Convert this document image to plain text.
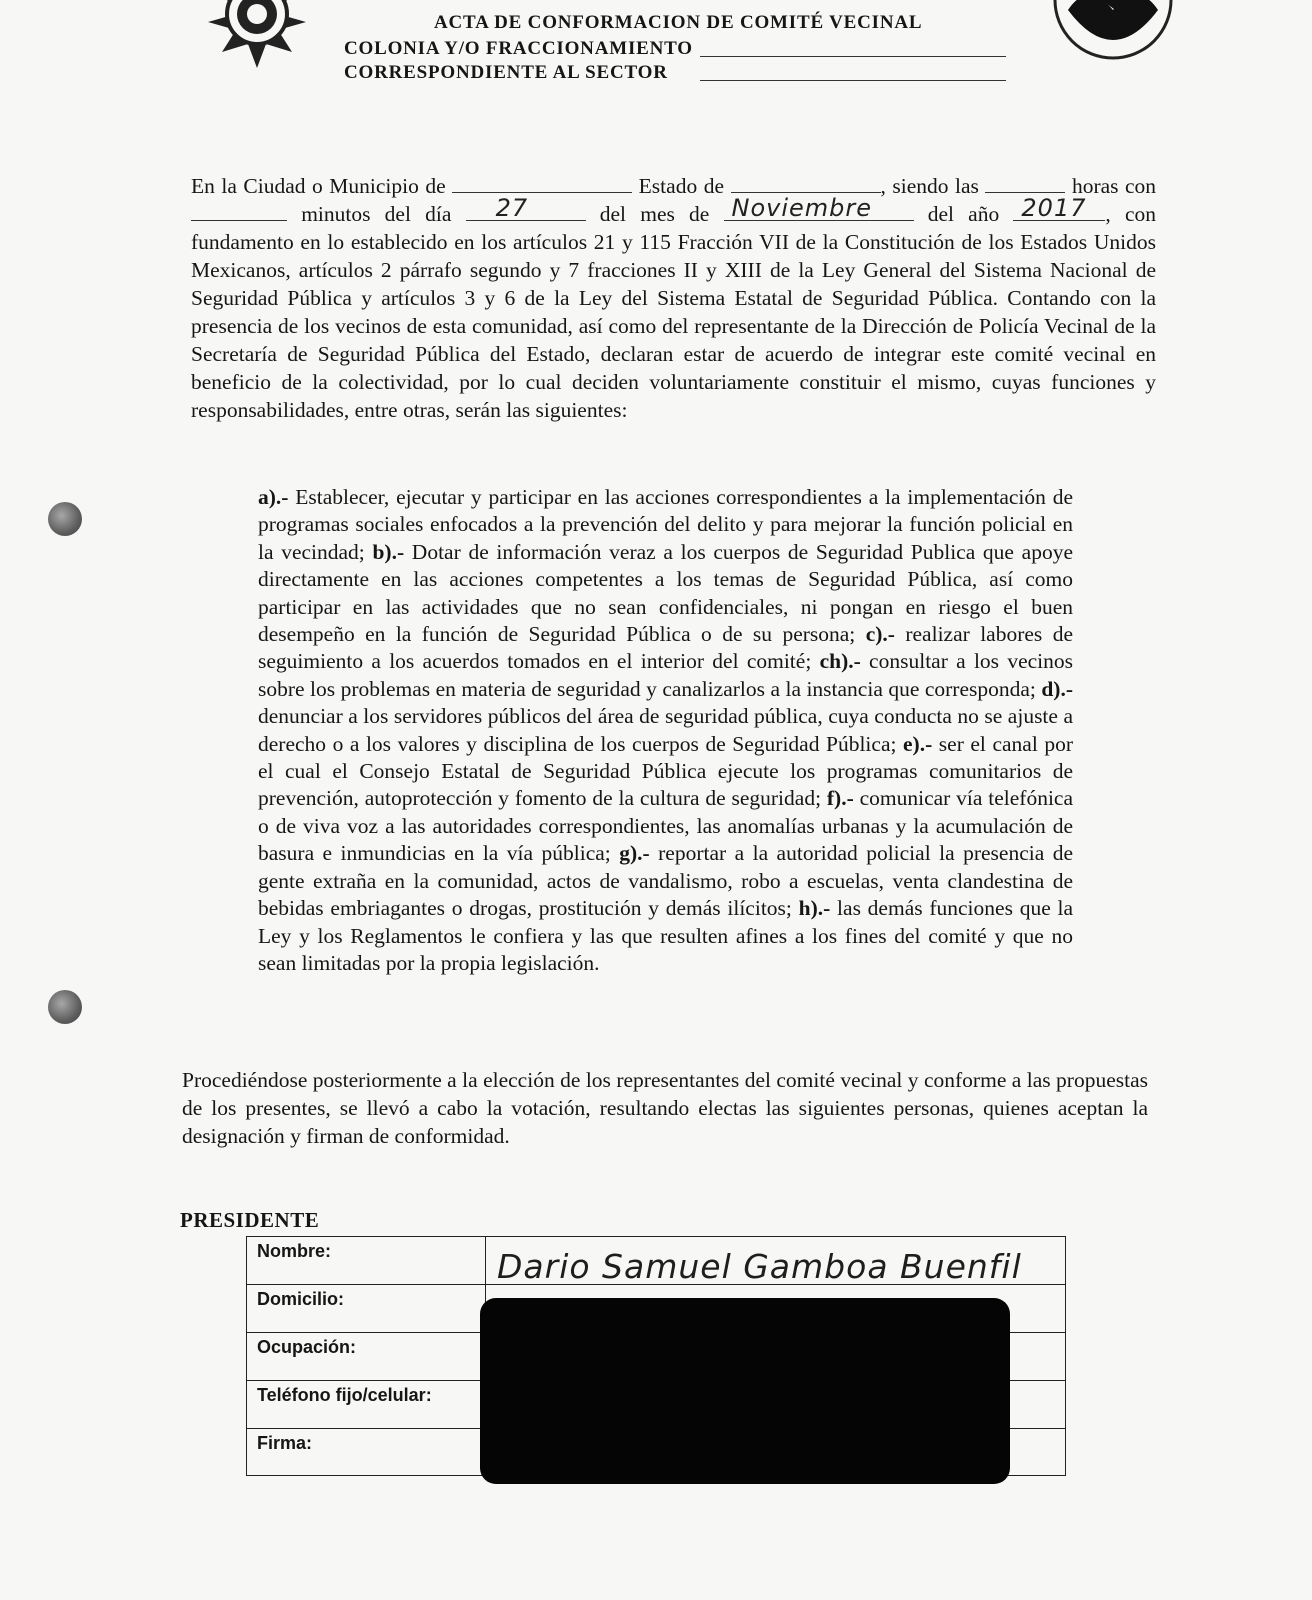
ACTA DE CONFORMACION DE COMITÉ VECINAL
COLONIA Y/O FRACCIONAMIENTO
CORRESPONDIENTE AL SECTOR

En la Ciudad o Municipio de	Estado de	, siendo las	horas con  minutos del día 27	del mes de Noviembre	del año 2017 , con fundamento en lo establecido en los artículos 21 y 115 Fracción VII de la Constitución de los Estados Unidos Mexicanos, artículos 2 párrafo segundo y 7 fracciones II y XIII de la Ley General del Sistema Nacional de Seguridad Pública y artículos 3 y 6 de la Ley del Sistema Estatal de Seguridad Pública. Contando con la presencia de los vecinos de esta comunidad, así como del representante de la Dirección de Policía Vecinal de la Secretaría de Seguridad Pública del Estado, declaran estar de acuerdo de integrar este comité vecinal en beneficio de la colectividad, por lo cual deciden voluntariamente constituir el mismo, cuyas funciones y responsabilidades, entre otras, serán las siguientes:

a).- Establecer, ejecutar y participar en las acciones correspondientes a la implementación de programas sociales enfocados a la prevención del delito y para mejorar la función policial en la vecindad; b).- Dotar de información veraz a los cuerpos de Seguridad Publica que apoye directamente en las acciones competentes a los temas de Seguridad Pública, así como participar en las actividades que no sean confidenciales, ni pongan en riesgo el buen desempeño en la función de Seguridad Pública o de su persona; c).- realizar labores de seguimiento a los acuerdos tomados en el interior del comité; ch).- consultar a los vecinos sobre los problemas en materia de seguridad y canalizarlos a la instancia que corresponda; d).- denunciar a los servidores públicos del área de seguridad pública, cuya conducta no se ajuste a derecho o a los valores y disciplina de los cuerpos de Seguridad Pública; e).- ser el canal por el cual el Consejo Estatal de Seguridad Pública ejecute los programas comunitarios de prevención, autoprotección y fomento de la cultura de seguridad; f).- comunicar vía telefónica o de viva voz a las autoridades correspondientes, las anomalías urbanas y la acumulación de basura e inmundicias en la vía pública; g).- reportar a la autoridad policial la presencia de gente extraña en la comunidad, actos de vandalismo, robo a escuelas, venta clandestina de bebidas embriagantes o drogas, prostitución y demás ilícitos; h).- las demás funciones que la Ley y los Reglamentos le confiera y las que resulten afines a los fines del comité y que no sean limitadas por la propia legislación.
Procediéndose posteriormente a la elección de los representantes del comité vecinal y conforme a las propuestas de los presentes, se llevó a cabo la votación, resultando electas las siguientes personas, quienes aceptan la designación y firman de conformidad.
PRESIDENTE
Nombre:	Dario Samuel Gamboa Buenfil
Domicilio:
Ocupación:
Teléfono fijo/celular:
Firma:
